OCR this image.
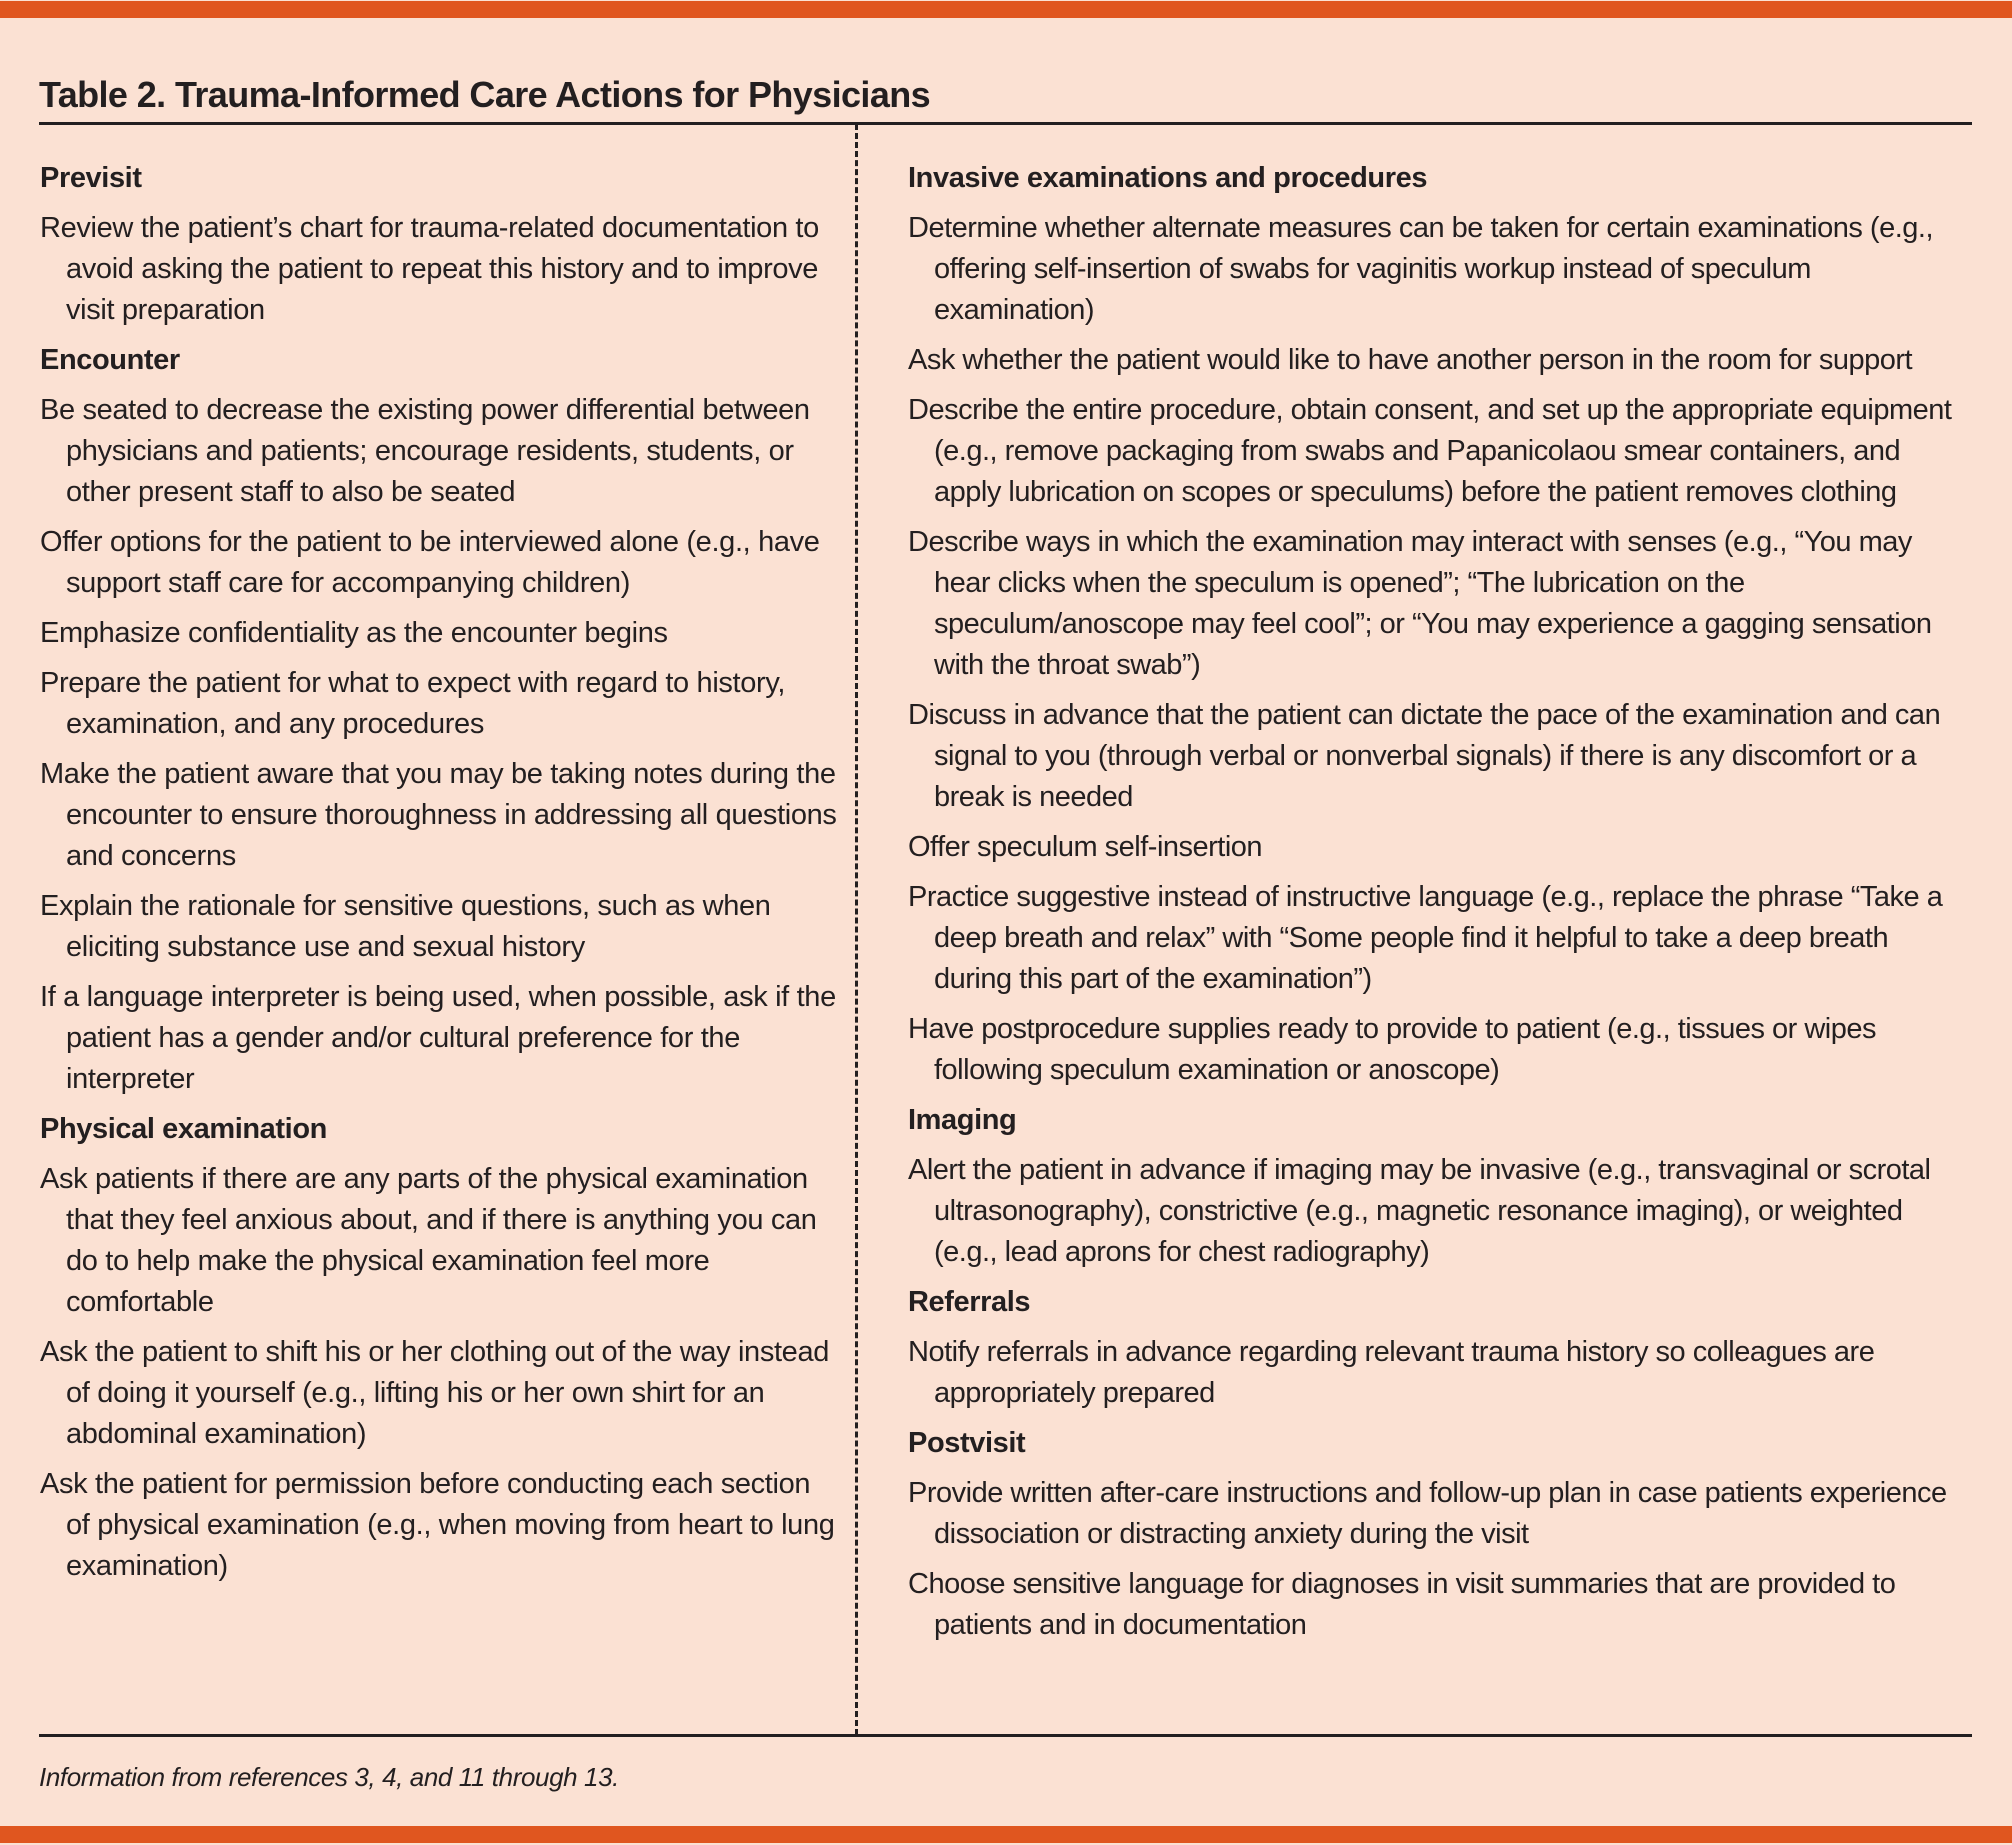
Table 2. Trauma-Informed Care Actions for Physicians
Previsit
Review the patient’s chart for trauma-related documentation to avoid asking the patient to repeat this history and to improve visit preparation
Encounter
Be seated to decrease the existing power differential between physicians and patients; encourage residents, students, or other present staff to also be seated
Offer options for the patient to be interviewed alone (e.g., have support staff care for accompanying children)
Emphasize confidentiality as the encounter begins
Prepare the patient for what to expect with regard to history, examination, and any procedures
Make the patient aware that you may be taking notes during the encounter to ensure thoroughness in addressing all questions and concerns
Explain the rationale for sensitive questions, such as when eliciting substance use and sexual history
If a language interpreter is being used, when possible, ask if the patient has a gender and/or cultural preference for the interpreter
Physical examination
Ask patients if there are any parts of the physical examination that they feel anxious about, and if there is anything you can do to help make the physical examination feel more comfortable
Ask the patient to shift his or her clothing out of the way instead of doing it yourself (e.g., lifting his or her own shirt for an abdominal examination)
Ask the patient for permission before conducting each section of physical examination (e.g., when moving from heart to lung examination)
Invasive examinations and procedures
Determine whether alternate measures can be taken for certain examinations (e.g., offering self-insertion of swabs for vaginitis workup instead of speculum examination)
Ask whether the patient would like to have another person in the room for support
Describe the entire procedure, obtain consent, and set up the appropriate equipment (e.g., remove packaging from swabs and Papanicolaou smear containers, and apply lubrication on scopes or speculums) before the patient removes clothing
Describe ways in which the examination may interact with senses (e.g., “You may hear clicks when the speculum is opened”; “The lubrication on the speculum/anoscope may feel cool”; or “You may experience a gagging sensation with the throat swab”)
Discuss in advance that the patient can dictate the pace of the examination and can signal to you (through verbal or nonverbal signals) if there is any discomfort or a break is needed
Offer speculum self-insertion
Practice suggestive instead of instructive language (e.g., replace the phrase “Take a deep breath and relax” with “Some people find it helpful to take a deep breath during this part of the examination”)
Have postprocedure supplies ready to provide to patient (e.g., tissues or wipes following speculum examination or anoscope)
Imaging
Alert the patient in advance if imaging may be invasive (e.g., transvaginal or scrotal ultrasonography), constrictive (e.g., magnetic resonance imaging), or weighted (e.g., lead aprons for chest radiography)
Referrals
Notify referrals in advance regarding relevant trauma history so colleagues are appropriately prepared
Postvisit
Provide written after-care instructions and follow-up plan in case patients experience dissociation or distracting anxiety during the visit
Choose sensitive language for diagnoses in visit summaries that are provided to patients and in documentation
Information from references 3, 4, and 11 through 13.
